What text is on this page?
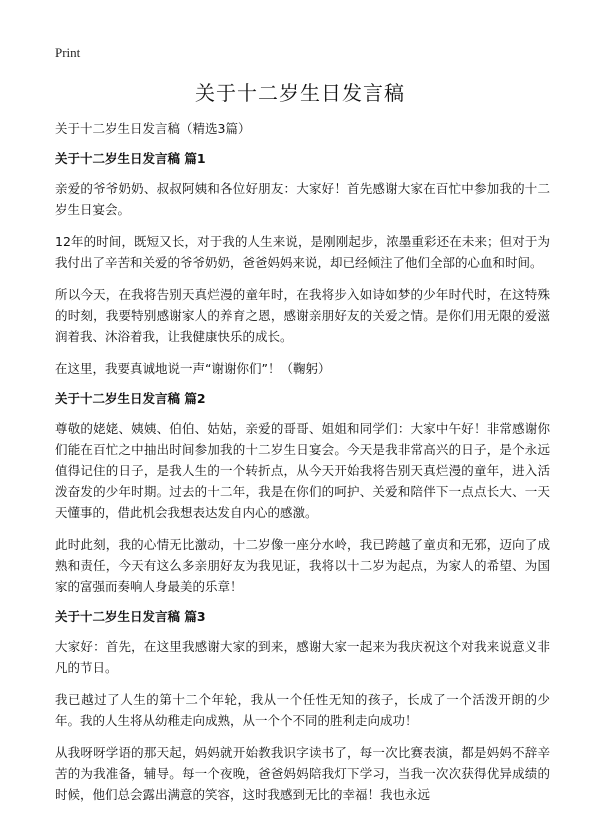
Print
关于十二岁生日发言稿

关于十二岁生日发言稿（精选3篇）

关于十二岁生日发言稿 篇1

亲爱的爷爷奶奶、叔叔阿姨和各位好朋友：大家好！首先感谢大家在百忙中参加我的十二岁生日宴会。

12年的时间，既短又长，对于我的人生来说，是刚刚起步，浓墨重彩还在未来；但对于为我付出了辛苦和关爱的爷爷奶奶，爸爸妈妈来说，却已经倾注了他们全部的心血和时间。

所以今天，在我将告别天真烂漫的童年时，在我将步入如诗如梦的少年时代时，在这特殊的时刻，我要特别感谢家人的养育之恩，感谢亲朋好友的关爱之情。是你们用无限的爱滋润着我、沐浴着我，让我健康快乐的成长。

在这里，我要真诚地说一声“谢谢你们”！（鞠躬）

关于十二岁生日发言稿 篇2

尊敬的姥姥、姨姨、伯伯、姑姑，亲爱的哥哥、姐姐和同学们：大家中午好！非常感谢你们能在百忙之中抽出时间参加我的十二岁生日宴会。今天是我非常高兴的日子，是个永远值得记住的日子，是我人生的一个转折点，从今天开始我将告别天真烂漫的童年，进入活泼奋发的少年时期。过去的十二年，我是在你们的呵护、关爱和陪伴下一点点长大、一天天懂事的，借此机会我想表达发自内心的感激。

此时此刻，我的心情无比激动，十二岁像一座分水岭，我已跨越了童贞和无邪，迈向了成熟和责任，今天有这么多亲朋好友为我见证，我将以十二岁为起点，为家人的希望、为国家的富强而奏响人身最美的乐章！

关于十二岁生日发言稿 篇3

大家好：首先，在这里我感谢大家的到来，感谢大家一起来为我庆祝这个对我来说意义非凡的节日。

我已越过了人生的第十二个年轮，我从一个任性无知的孩子，长成了一个活泼开朗的少年。我的人生将从幼稚走向成熟，从一个个不同的胜利走向成功！

从我呀呀学语的那天起，妈妈就开始教我识字读书了，每一次比赛表演，都是妈妈不辞辛苦的为我准备，辅导。每一个夜晚，爸爸妈妈陪我灯下学习，当我一次次获得优异成绩的时候，他们总会露出满意的笑容，这时我感到无比的幸福！我也永远
